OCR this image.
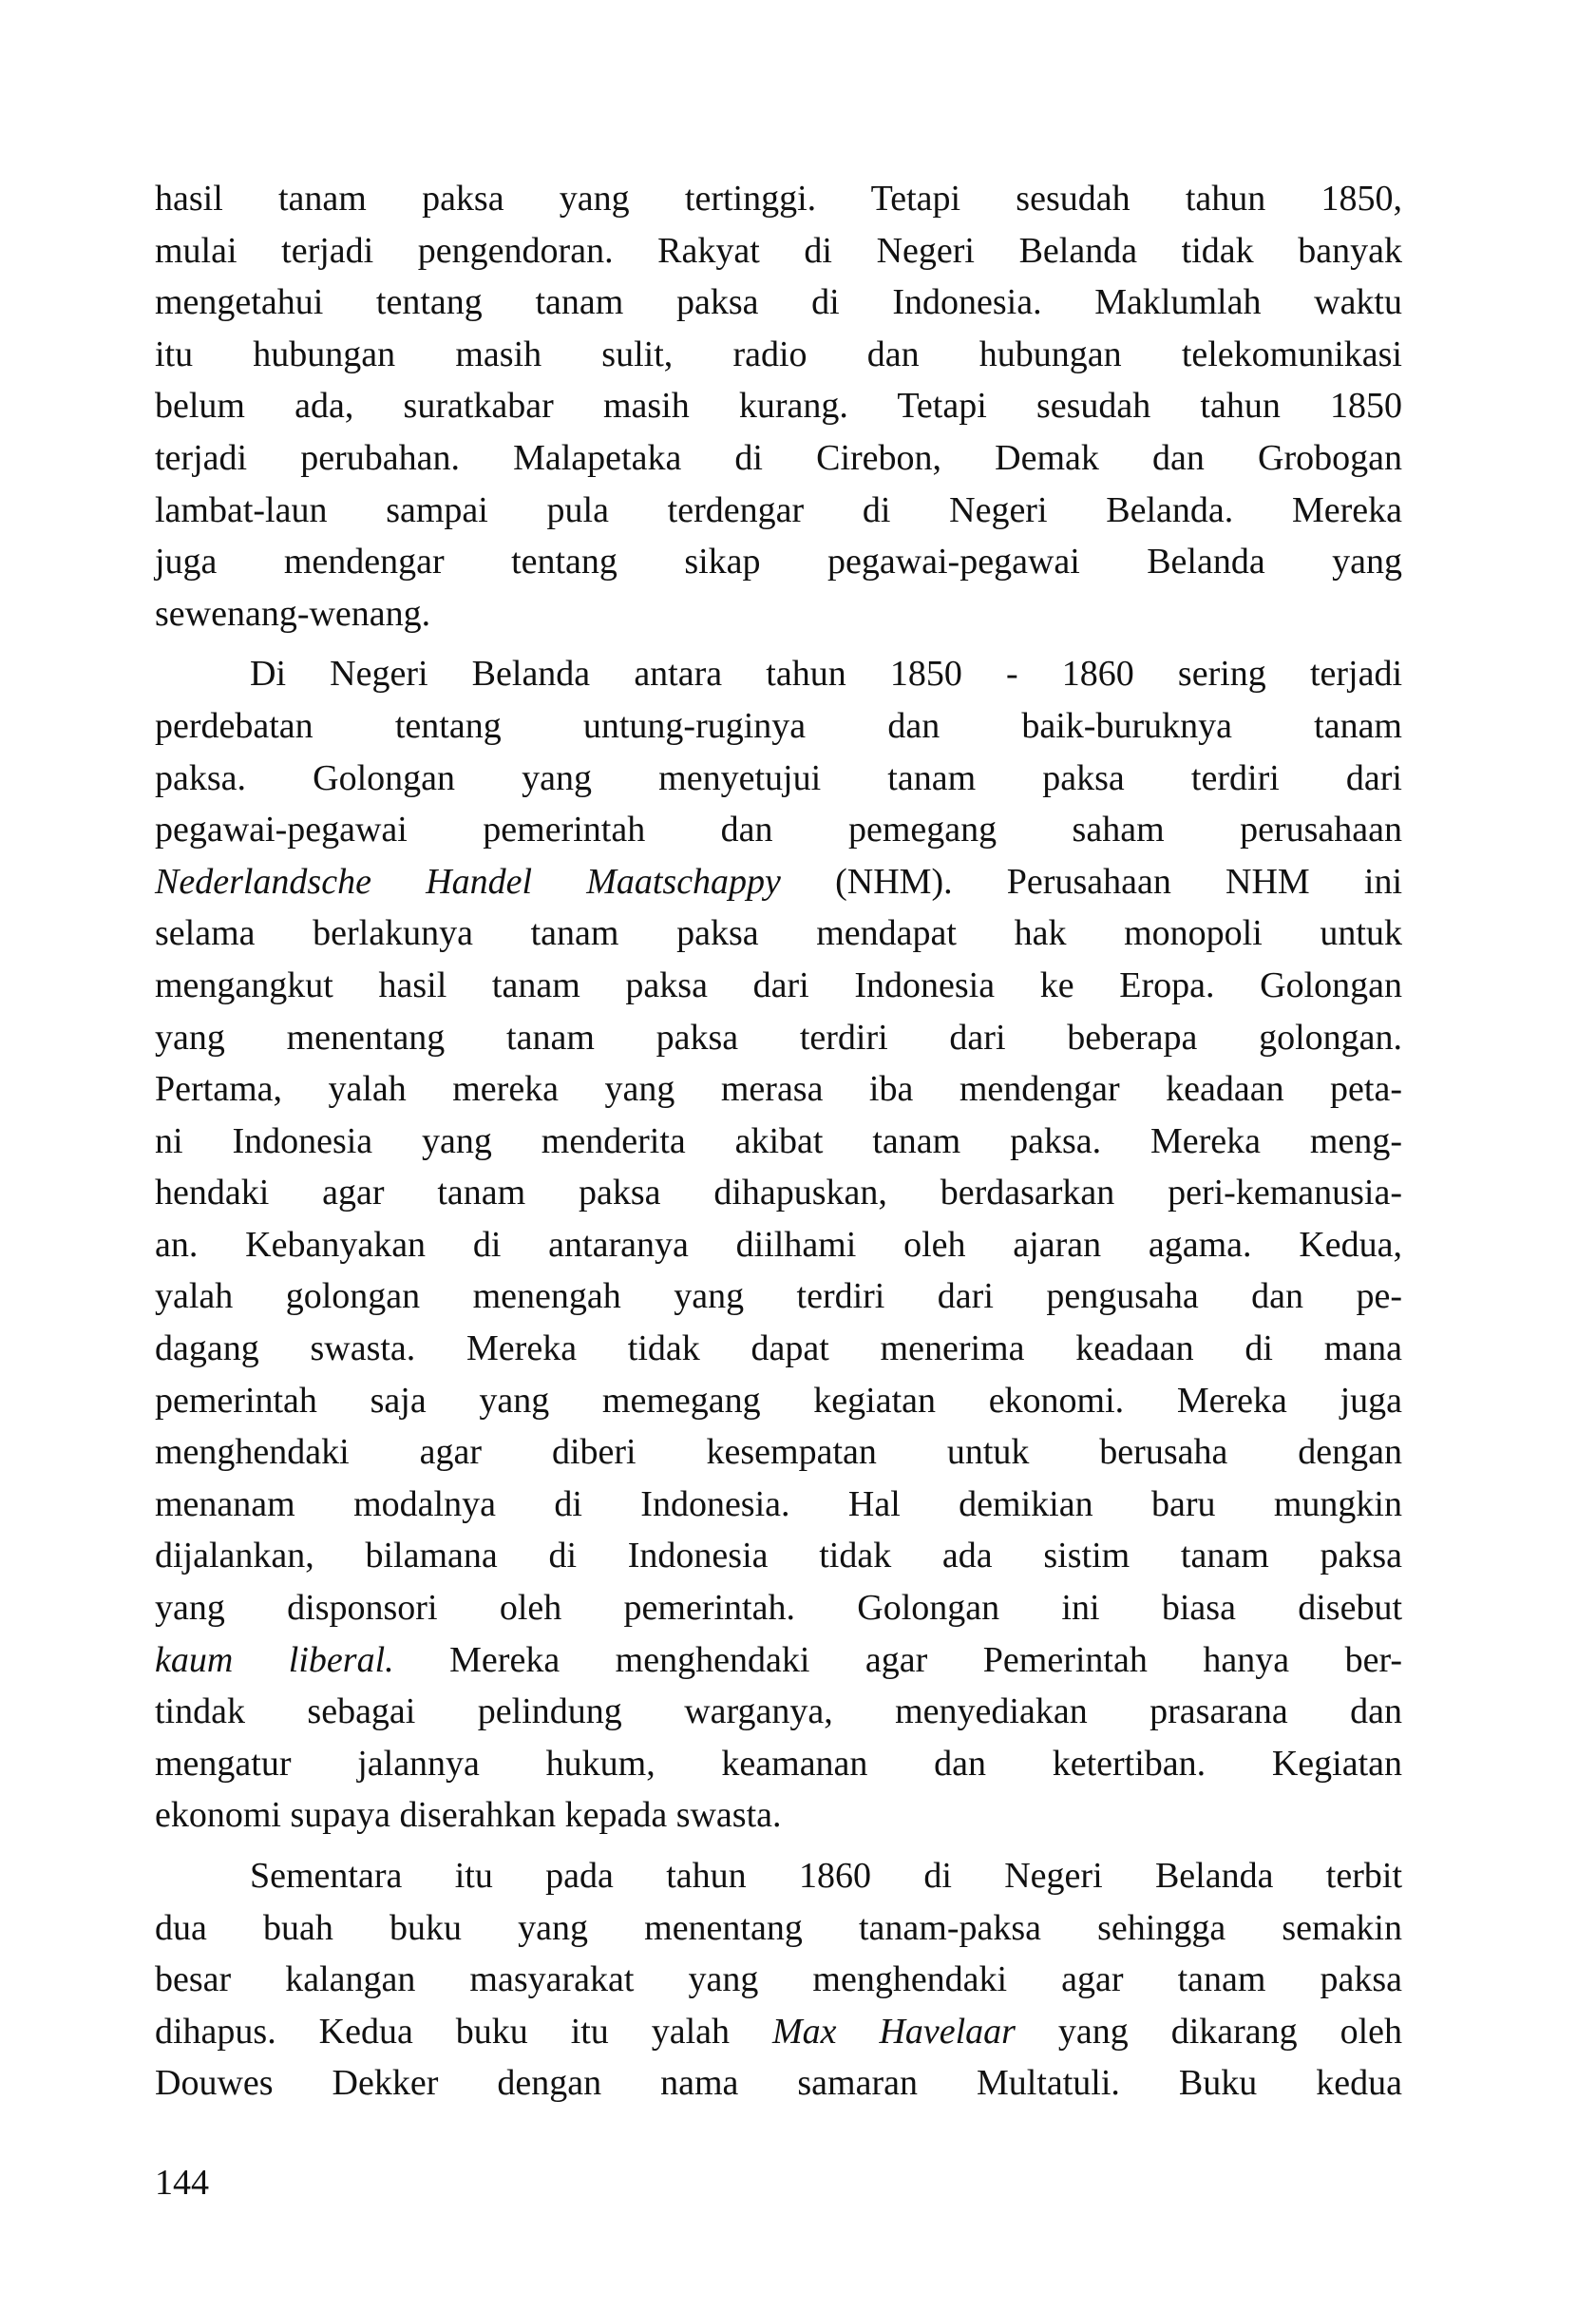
hasil tanam paksa yang tertinggi. Tetapi sesudah tahun 1850,
mulai terjadi pengendoran. Rakyat di Negeri Belanda tidak banyak
mengetahui tentang tanam paksa di Indonesia. Maklumlah waktu
itu hubungan masih sulit, radio dan hubungan telekomunikasi
belum ada, suratkabar masih kurang. Tetapi sesudah tahun 1850
terjadi perubahan. Malapetaka di Cirebon, Demak dan Grobogan
lambat-laun sampai pula terdengar di Negeri Belanda. Mereka
juga mendengar tentang sikap pegawai-pegawai Belanda yang
sewenang-wenang.
Di Negeri Belanda antara tahun 1850 - 1860 sering terjadi
perdebatan tentang untung-ruginya dan baik-buruknya tanam
paksa. Golongan yang menyetujui tanam paksa terdiri dari
pegawai-pegawai pemerintah dan pemegang saham perusahaan
Nederlandsche Handel Maatschappy (NHM). Perusahaan NHM ini
selama berlakunya tanam paksa mendapat hak monopoli untuk
mengangkut hasil tanam paksa dari Indonesia ke Eropa. Golongan
yang menentang tanam paksa terdiri dari beberapa golongan.
Pertama, yalah mereka yang merasa iba mendengar keadaan peta-
ni Indonesia yang menderita akibat tanam paksa. Mereka meng-
hendaki agar tanam paksa dihapuskan, berdasarkan peri-kemanusia-
an. Kebanyakan di antaranya diilhami oleh ajaran agama. Kedua,
yalah golongan menengah yang terdiri dari pengusaha dan pe-
dagang swasta. Mereka tidak dapat menerima keadaan di mana
pemerintah saja yang memegang kegiatan ekonomi. Mereka juga
menghendaki agar diberi kesempatan untuk berusaha dengan
menanam modalnya di Indonesia. Hal demikian baru mungkin
dijalankan, bilamana di Indonesia tidak ada sistim tanam paksa
yang disponsori oleh pemerintah. Golongan ini biasa disebut
kaum liberal. Mereka menghendaki agar Pemerintah hanya ber-
tindak sebagai pelindung warganya, menyediakan prasarana dan
mengatur jalannya hukum, keamanan dan ketertiban. Kegiatan
ekonomi supaya diserahkan kepada swasta.
Sementara itu pada tahun 1860 di Negeri Belanda terbit
dua buah buku yang menentang tanam-paksa sehingga semakin
besar kalangan masyarakat yang menghendaki agar tanam paksa
dihapus. Kedua buku itu yalah Max Havelaar yang dikarang oleh
Douwes Dekker dengan nama samaran Multatuli. Buku kedua
144
